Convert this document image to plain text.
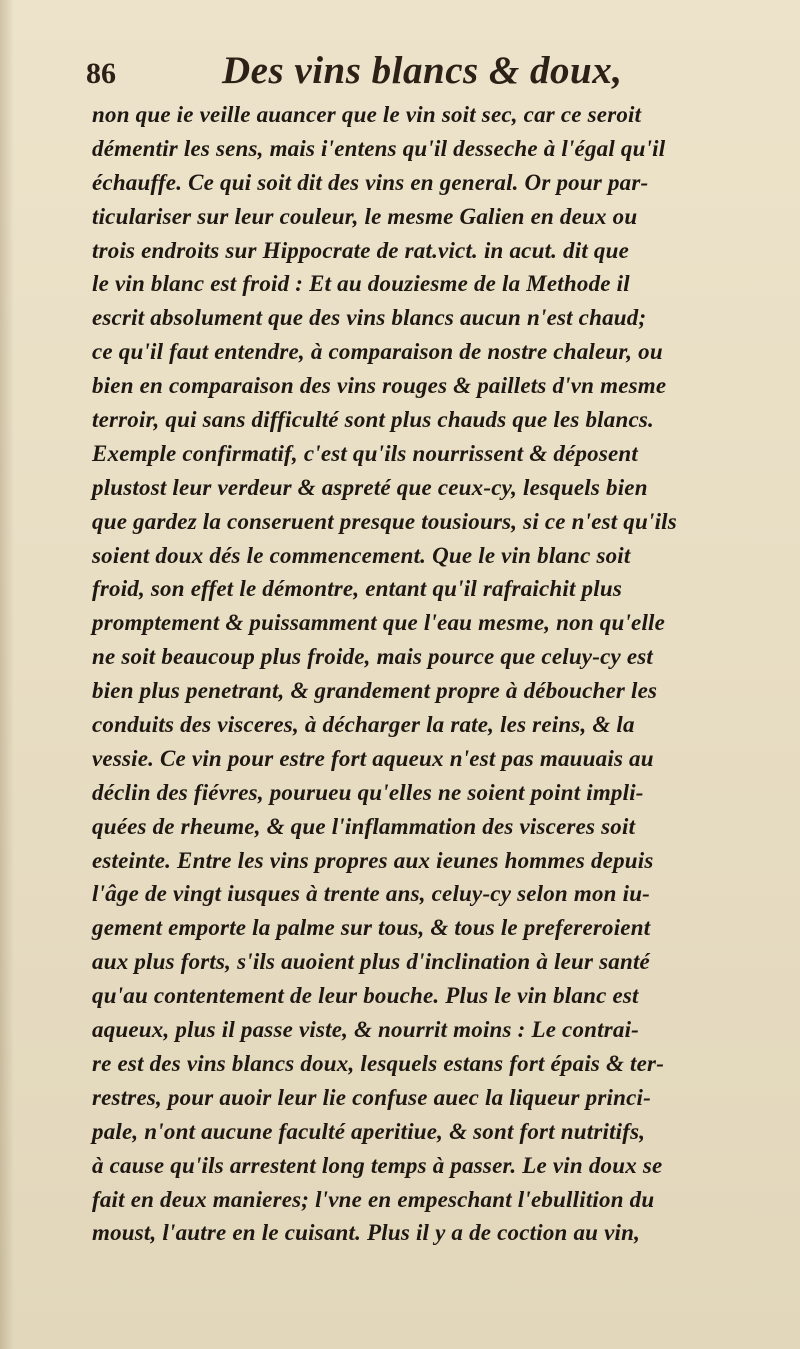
86	Des vins blancs & doux,
non que ie veille auancer que le vin soit sec, car ce seroit
démentir les sens, mais i'entens qu'il desseche à l'égal qu'il
échauffe. Ce qui soit dit des vins en general. Or pour par-
ticulariser sur leur couleur, le mesme Galien en deux ou
trois endroits sur Hippocrate de rat.vict. in acut. dit que
le vin blanc est froid : Et au douziesme de la Methode il
escrit absolument que des vins blancs aucun n'est chaud;
ce qu'il faut entendre, à comparaison de nostre chaleur, ou
bien en comparaison des vins rouges & paillets d'vn mesme
terroir, qui sans difficulté sont plus chauds que les blancs.
Exemple confirmatif, c'est qu'ils nourrissent & déposent
plustost leur verdeur & aspreté que ceux-cy, lesquels bien
que gardez la conseruent presque tousiours, si ce n'est qu'ils
soient doux dés le commencement. Que le vin blanc soit
froid, son effet le démontre, entant qu'il rafraichit plus
promptement & puissamment que l'eau mesme, non qu'elle
ne soit beaucoup plus froide, mais pource que celuy-cy est
bien plus penetrant, & grandement propre à déboucher les
conduits des visceres, à décharger la rate, les reins, & la
vessie. Ce vin pour estre fort aqueux n'est pas mauuais au
déclin des fiévres, pourueu qu'elles ne soient point impli-
quées de rheume, & que l'inflammation des visceres soit
esteinte. Entre les vins propres aux ieunes hommes depuis
l'âge de vingt iusques à trente ans, celuy-cy selon mon iu-
gement emporte la palme sur tous, & tous le prefereroient
aux plus forts, s'ils auoient plus d'inclination à leur santé
qu'au contentement de leur bouche. Plus le vin blanc est
aqueux, plus il passe viste, & nourrit moins : Le contrai-
re est des vins blancs doux, lesquels estans fort épais & ter-
restres, pour auoir leur lie confuse auec la liqueur princi-
pale, n'ont aucune faculté aperitiue, & sont fort nutritifs,
à cause qu'ils arrestent long temps à passer. Le vin doux se
fait en deux manieres; l'vne en empeschant l'ebullition du
moust, l'autre en le cuisant. Plus il y a de coction au vin,
